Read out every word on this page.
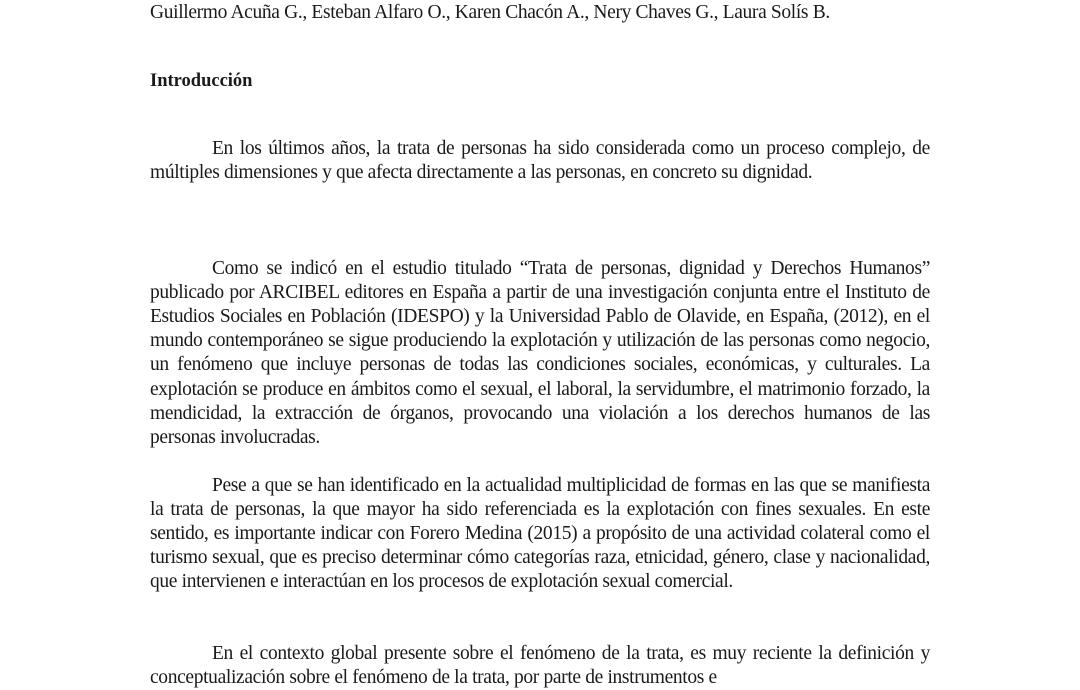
Guillermo Acuña G., Esteban Alfaro O., Karen Chacón A., Nery Chaves G., Laura Solís B.
Introducción

En los últimos años, la trata de personas ha sido considerada como un proceso complejo, de múltiples dimensiones y que afecta directamente a las personas, en concreto su dignidad.

Como se indicó en el estudio titulado “Trata de personas, dignidad y Derechos Humanos” publicado por ARCIBEL editores en España a partir de una investigación conjunta entre el Instituto de Estudios Sociales en Población (IDESPO) y la Universidad Pablo de Olavide, en España, (2012), en el mundo contemporáneo se sigue produciendo la explotación y utilización de las personas como negocio, un fenómeno que incluye personas de todas las condiciones sociales, económicas, y culturales. La explotación se produce en ámbitos como el sexual, el laboral, la servidumbre, el matrimonio forzado, la mendicidad, la extracción de órganos, provocando una violación a los derechos humanos de las personas involucradas.

Pese a que se han identificado en la actualidad multiplicidad de formas en las que se manifiesta la trata de personas, la que mayor ha sido referenciada es la explotación con fines sexuales. En este sentido, es importante indicar con Forero Medina (2015) a propósito de una actividad colateral como el turismo sexual, que es preciso determinar cómo categorías raza, etnicidad, género, clase y nacionalidad, que intervienen e interactúan en los procesos de explotación sexual comercial.

En el contexto global presente sobre el fenómeno de la trata, es muy reciente la definición y conceptualización sobre el fenómeno de la trata, por parte de instrumentos e
